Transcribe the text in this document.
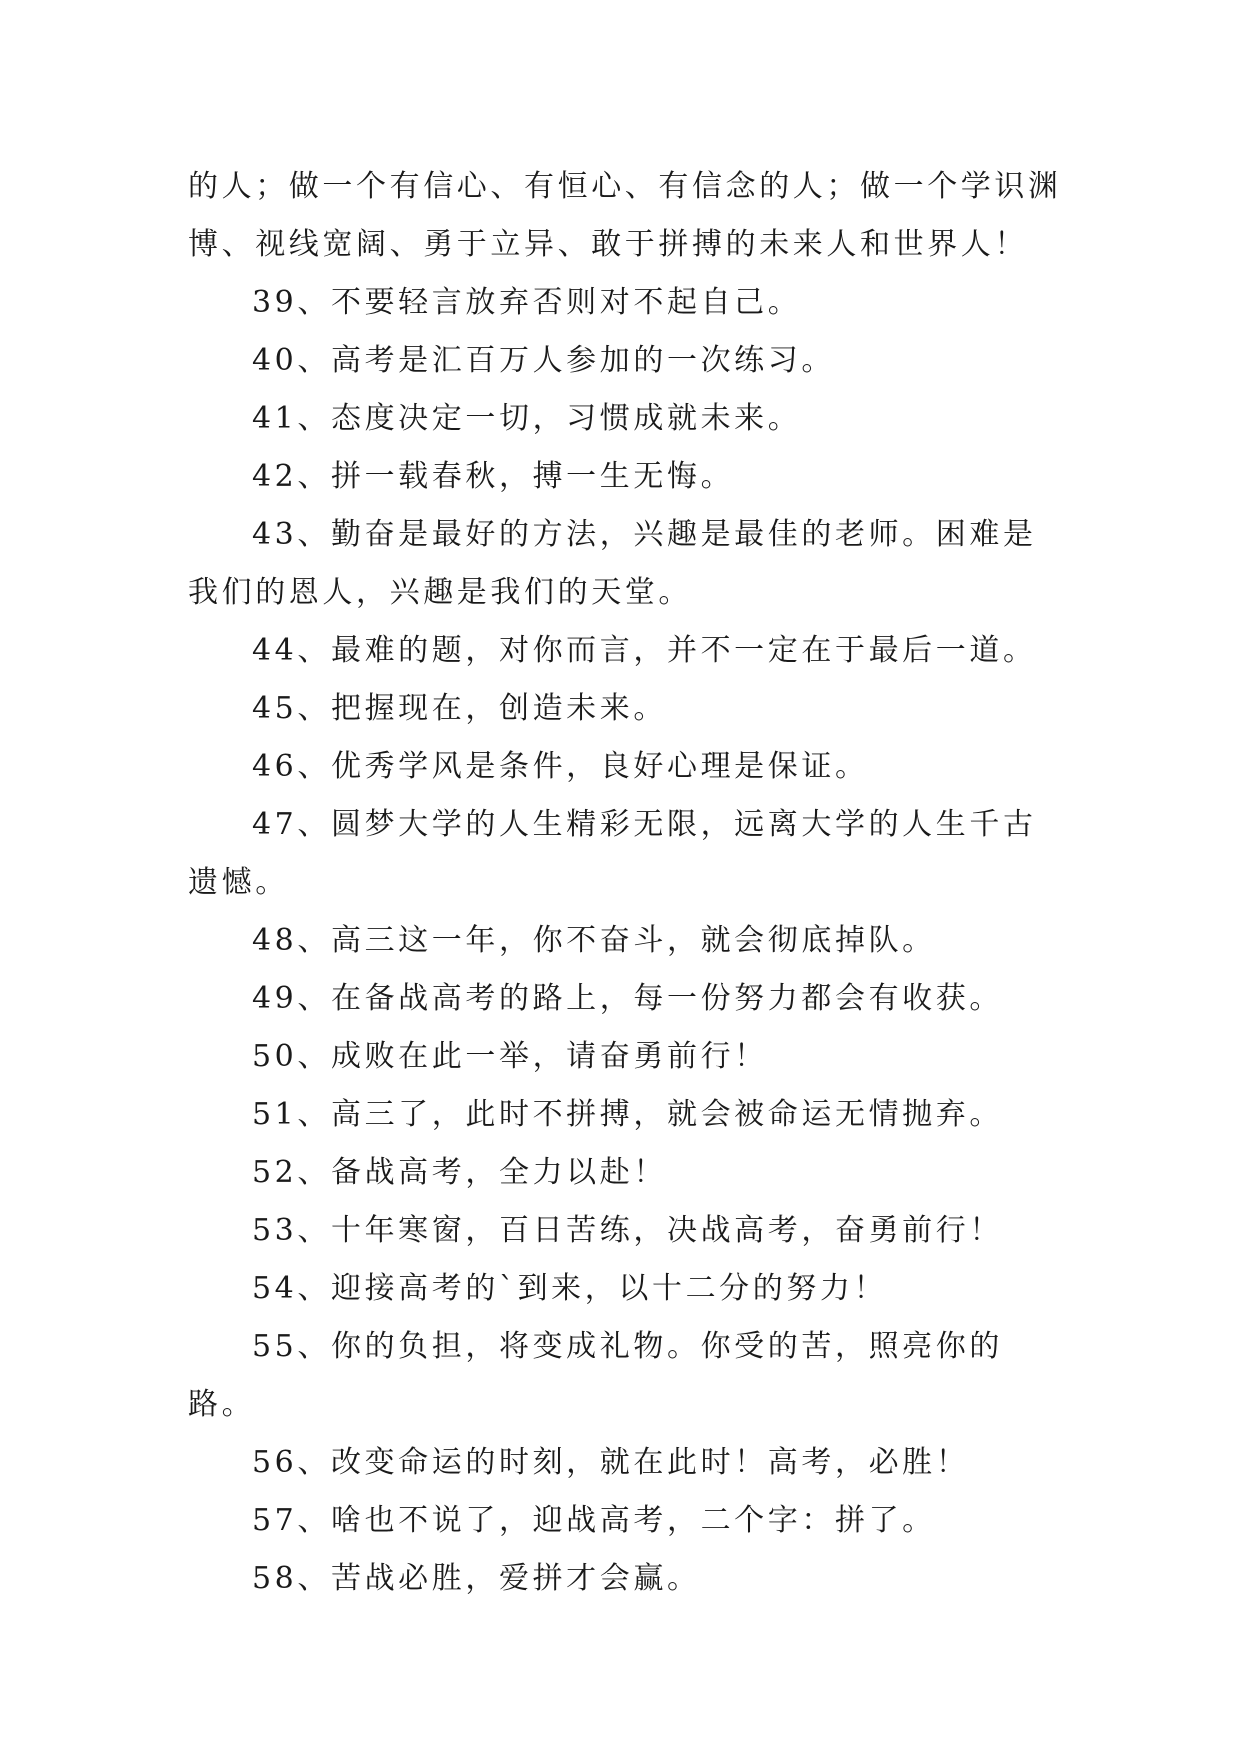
的人；做一个有信心、有恒心、有信念的人；做一个学识渊博、视线宽阔、勇于立异、敢于拼搏的未来人和世界人！

39、不要轻言放弃否则对不起自己。

40、高考是汇百万人参加的一次练习。

41、态度决定一切，习惯成就未来。

42、拼一载春秋，搏一生无悔。

43、勤奋是最好的方法，兴趣是最佳的老师。困难是我们的恩人，兴趣是我们的天堂。

44、最难的题，对你而言，并不一定在于最后一道。

45、把握现在，创造未来。

46、优秀学风是条件，良好心理是保证。

47、圆梦大学的人生精彩无限，远离大学的人生千古遗憾。

48、高三这一年，你不奋斗，就会彻底掉队。

49、在备战高考的路上，每一份努力都会有收获。

50、成败在此一举，请奋勇前行！

51、高三了，此时不拼搏，就会被命运无情抛弃。

52、备战高考，全力以赴！

53、十年寒窗，百日苦练，决战高考，奋勇前行！

54、迎接高考的`到来，以十二分的努力！

55、你的负担，将变成礼物。你受的苦，照亮你的路。

56、改变命运的时刻，就在此时！高考，必胜！

57、啥也不说了，迎战高考，二个字：拼了。

58、苦战必胜，爱拼才会赢。
